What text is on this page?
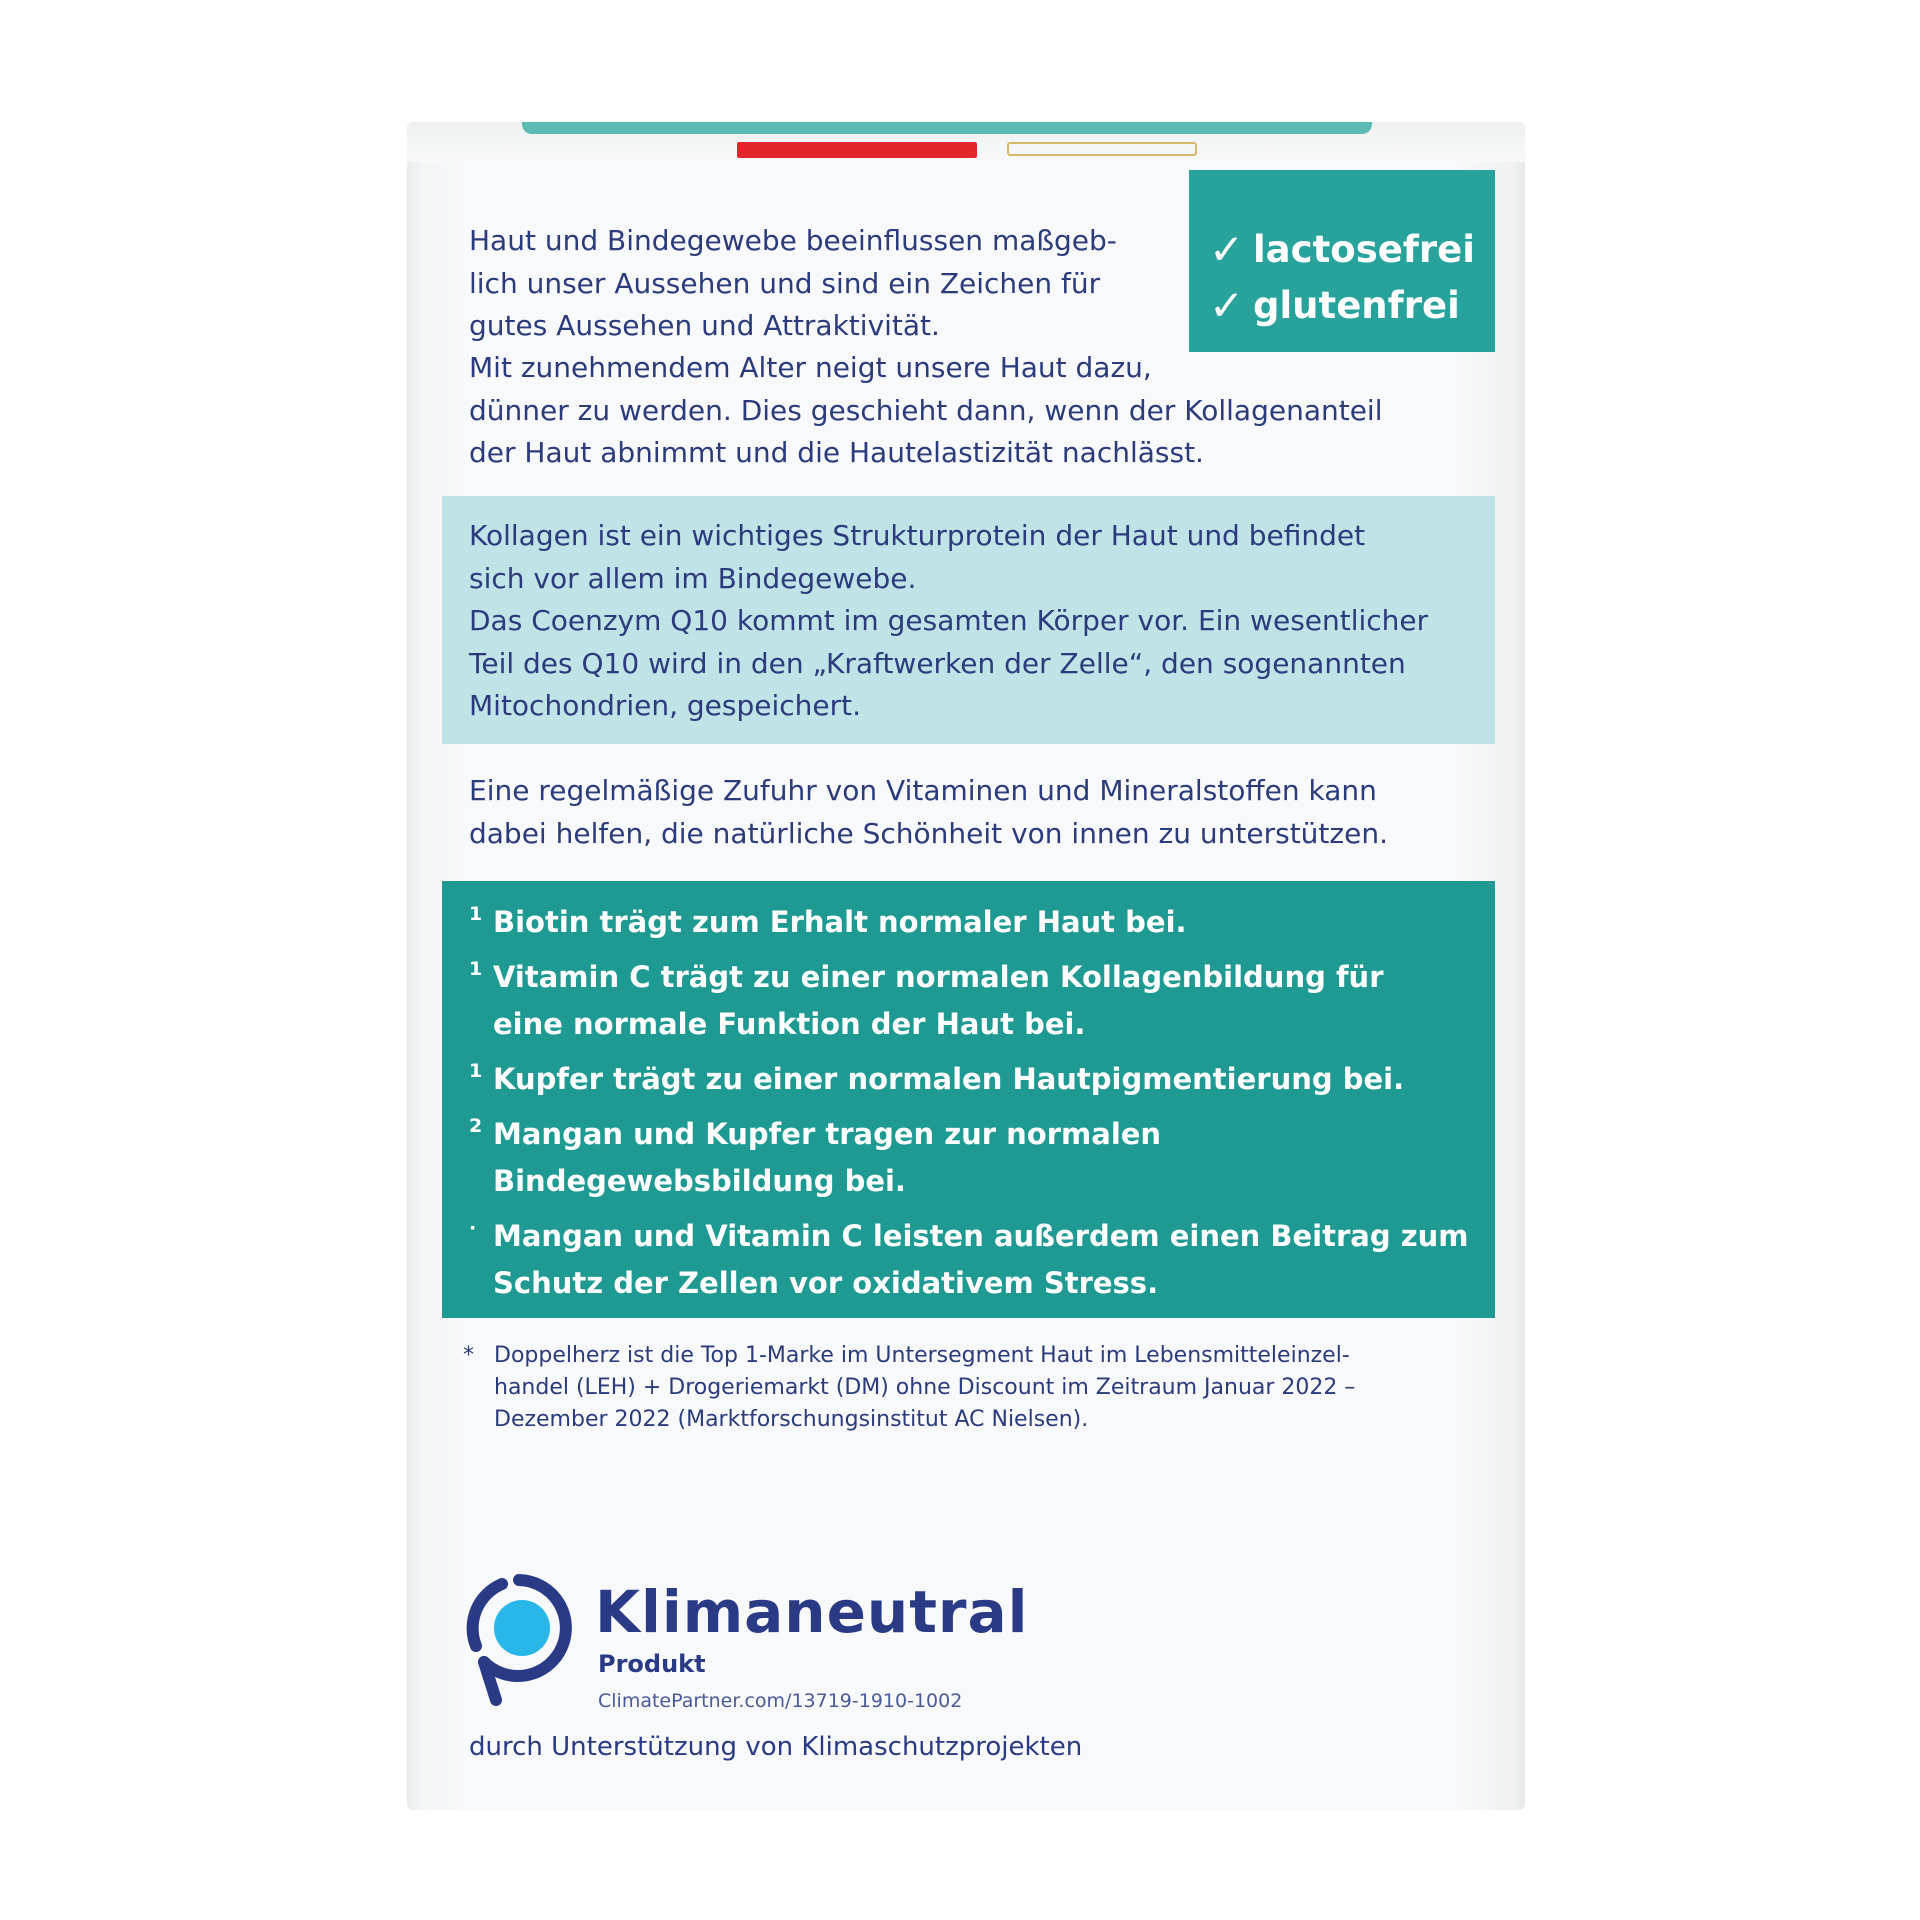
✓ lactosefrei
✓ glutenfrei
Haut und Bindegewebe beeinflussen maßgeb-
lich unser Aussehen und sind ein Zeichen für
gutes Aussehen und Attraktivität.
Mit zunehmendem Alter neigt unsere Haut dazu,
dünner zu werden. Dies geschieht dann, wenn der Kollagenanteil
der Haut abnimmt und die Hautelastizität nachlässt.
Kollagen ist ein wichtiges Strukturprotein der Haut und befindet
sich vor allem im Bindegewebe.
Das Coenzym Q10 kommt im gesamten Körper vor. Ein wesentlicher
Teil des Q10 wird in den „Kraftwerken der Zelle“, den sogenannten
Mitochondrien, gespeichert.
Eine regelmäßige Zufuhr von Vitaminen und Mineralstoffen kann
dabei helfen, die natürliche Schönheit von innen zu unterstützen.
1 Biotin trägt zum Erhalt normaler Haut bei.
1 Vitamin C trägt zu einer normalen Kollagenbildung für
eine normale Funktion der Haut bei.
1 Kupfer trägt zu einer normalen Hautpigmentierung bei.
2 Mangan und Kupfer tragen zur normalen
Bindegewebsbildung bei.
· Mangan und Vitamin C leisten außerdem einen Beitrag zum
Schutz der Zellen vor oxidativem Stress.
* Doppelherz ist die Top 1-Marke im Untersegment Haut im Lebensmitteleinzel-
handel (LEH) + Drogeriemarkt (DM) ohne Discount im Zeitraum Januar 2022 –
Dezember 2022 (Marktforschungsinstitut AC Nielsen).
Klimaneutral
Produkt
ClimatePartner.com/13719-1910-1002
durch Unterstützung von Klimaschutzprojekten
